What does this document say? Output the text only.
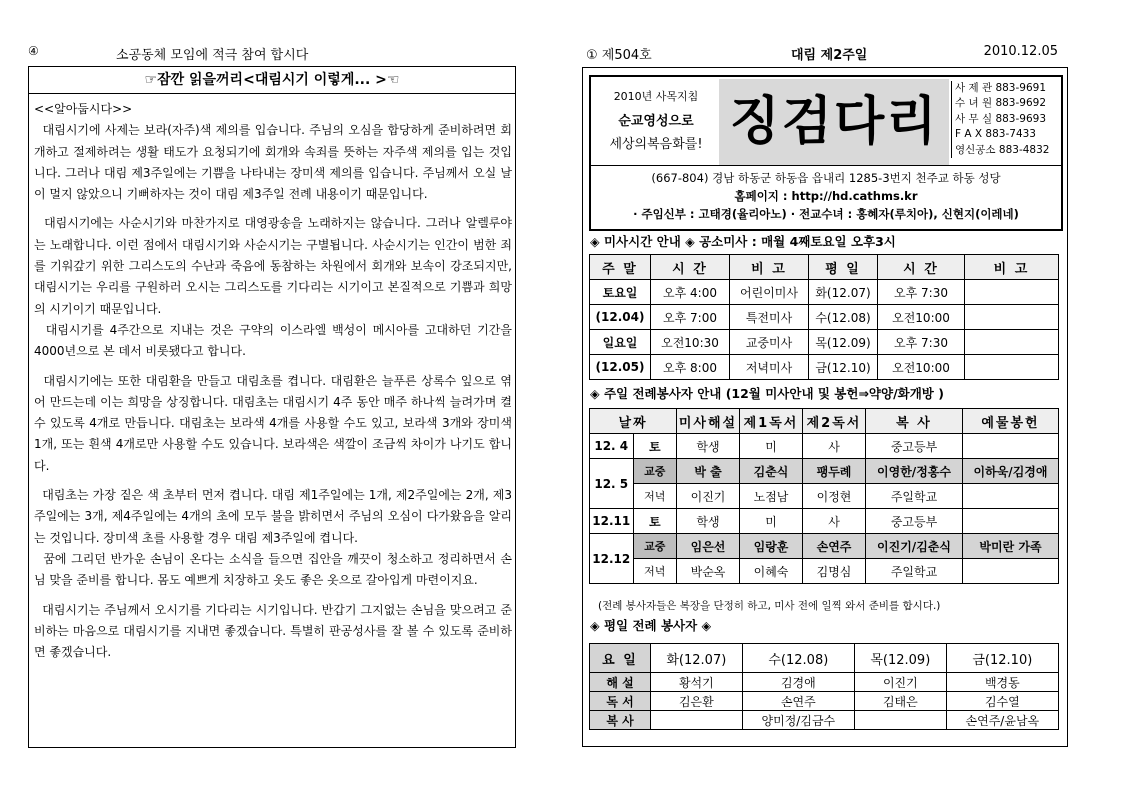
④	소공동체 모임에 적극 참여 합시다
☞잠깐 읽을꺼리<대림시기 이렇게... >☜

<<알아둡시다>>
대림시기에 사제는 보라(자주)색 제의를 입습니다. 주님의 오심을 합당하게 준비하려면 회개하고 절제하려는 생활 태도가 요청되기에 회개와 속죄를 뜻하는 자주색 제의를 입는 것입니다. 그러나 대림 제3주일에는 기쁨을 나타내는 장미색 제의를 입습니다. 주님께서 오실 날이 멀지 않았으니 기뻐하자는 것이 대림 제3주일 전례 내용이기 때문입니다.

대림시기에는 사순시기와 마찬가지로 대영광송을 노래하지는 않습니다. 그러나 알렐루야는 노래합니다. 이런 점에서 대림시기와 사순시기는 구별됩니다. 사순시기는 인간이 범한 죄를 기워갚기 위한 그리스도의 수난과 죽음에 동참하는 차원에서 회개와 보속이 강조되지만, 대림시기는 우리를 구원하러 오시는 그리스도를 기다리는 시기이고 본질적으로 기쁨과 희망의 시기이기 때문입니다.
대림시기를 4주간으로 지내는 것은 구약의 이스라엘 백성이 메시아를 고대하던 기간을 4000년으로 본 데서 비롯됐다고 합니다.

대림시기에는 또한 대림환을 만들고 대림초를 켭니다. 대림환은 늘푸른 상록수 잎으로 엮어 만드는데 이는 희망을 상징합니다. 대림초는 대림시기 4주 동안 매주 하나씩 늘려가며 켤 수 있도록 4개로 만듭니다. 대림초는 보라색 4개를 사용할 수도 있고, 보라색 3개와 장미색 1개, 또는 흰색 4개로만 사용할 수도 있습니다. 보라색은 색깔이 조금씩 차이가 나기도 합니다.

대림초는 가장 짙은 색 초부터 먼저 켭니다. 대림 제1주일에는 1개, 제2주일에는 2개, 제3주일에는 3개, 제4주일에는 4개의 초에 모두 불을 밝히면서 주님의 오심이 다가왔음을 알리는 것입니다. 장미색 초를 사용할 경우 대림 제3주일에 켭니다.
꿈에 그리던 반가운 손님이 온다는 소식을 들으면 집안을 깨끗이 청소하고 정리하면서 손님 맞을 준비를 합니다. 몸도 예쁘게 치장하고 옷도 좋은 옷으로 갈아입게 마련이지요.

대림시기는 주님께서 오시기를 기다리는 시기입니다. 반갑기 그지없는 손님을 맞으려고 준비하는 마음으로 대림시기를 지내면 좋겠습니다. 특별히 판공성사를 잘 볼 수 있도록 준비하면 좋겠습니다.

① 제504호	대림 제2주일	2010.12.05
2010년 사목지침
순교영성으로
세상의복음화를! 징검다리
사 제 관 883-9691
수 녀 원 883-9692
사 무 실 883-9693
F A X 883-7433
영신공소 883-4832
(667-804) 경남 하동군 하동읍 읍내리 1285-3번지 천주교 하동 성당
홈페이지 : http://hd.cathms.kr
· 주임신부 : 고태경(율리아노) · 전교수녀 : 홍혜자(루치아), 신현지(이레네)
◈ 미사시간 안내 ◈ 공소미사 : 매월 4째토요일 오후3시
주 말	시 간	비 고	평 일	시 간	비 고
토요일	오후 4:00	어린이미사	화(12.07)	오후 7:30	
(12.04)	오후 7:00	특전미사	수(12.08)	오전10:00	
일요일	오전10:30	교중미사	목(12.09)	오후 7:30	
(12.05)	오후 8:00	저녁미사	금(12.10)	오전10:00	
◈ 주일 전례봉사자 안내 (12월 미사안내 및 봉헌⇒약양/화개방 )
날짜		미사해설	제1독서	제2독서	복 사	예물봉헌
12. 4	토	학생	미	사	중고등부	
12. 5	교중	박 출	김춘식	팽두례	이영한/정홍수	이하욱/김경애
	저녁	이진기	노점남	이정현	주일학교	
12.11	토	학생	미	사	중고등부	
12.12	교중	임은선	임랑훈	손연주	이진기/김춘식	박미란 가족
	저녁	박순옥	이혜숙	김명심	주일학교	
(전례 봉사자들은 복장을 단정히 하고, 미사 전에 일찍 와서 준비를 합시다.)
◈ 평일 전례 봉사자 ◈
요 일	화(12.07)	수(12.08)	목(12.09)	금(12.10)
해 설	황석기	김경애	이진기	백경동
독 서	김은환	손연주	김태은	김수열
복 사		양미정/김금수		손연주/윤남옥
